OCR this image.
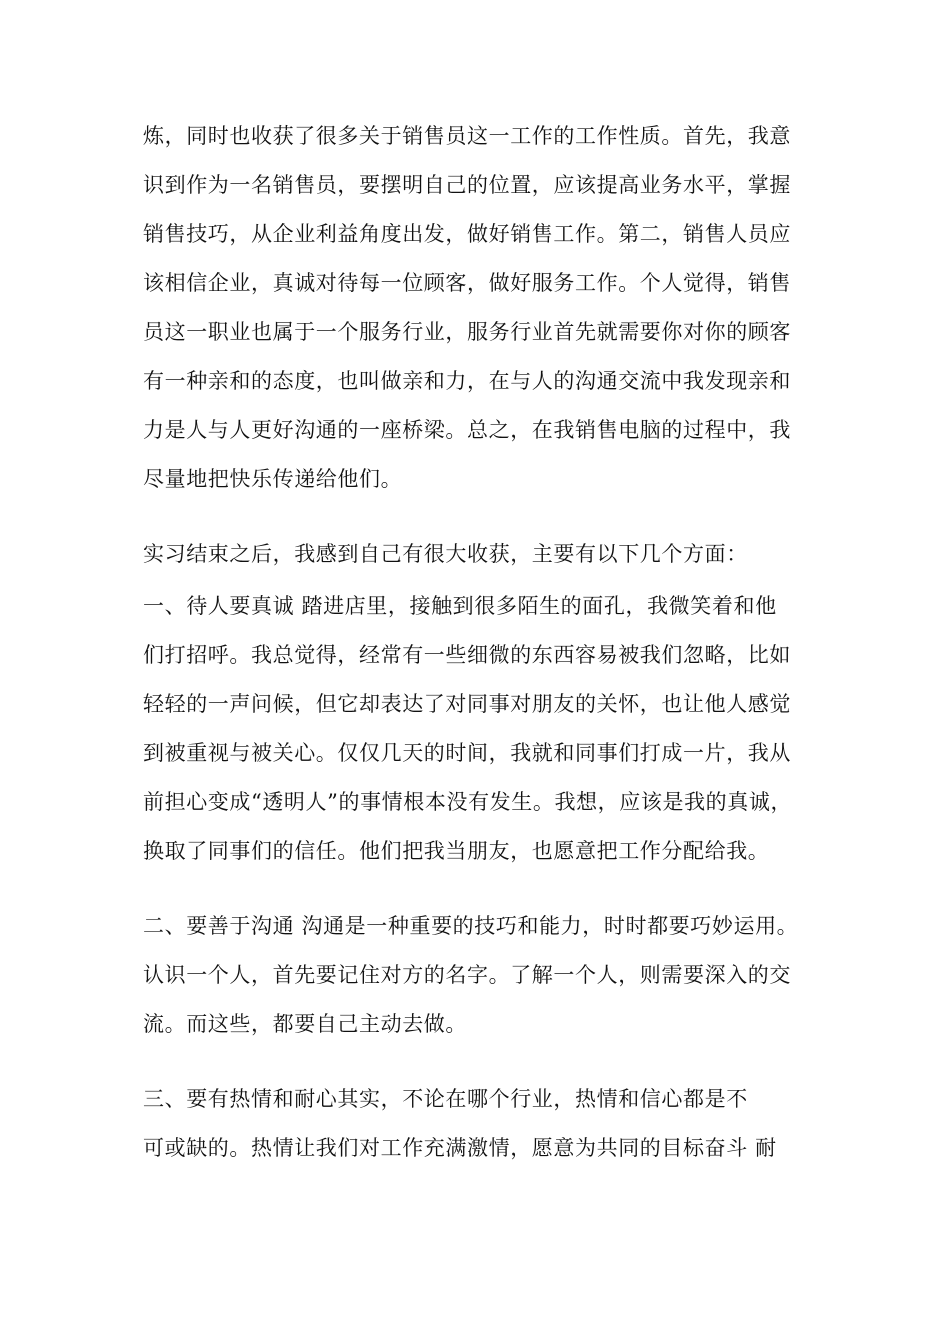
炼，同时也收获了很多关于销售员这一工作的工作性质。首先，我意
识到作为一名销售员，要摆明自己的位置，应该提高业务水平，掌握
销售技巧，从企业利益角度出发，做好销售工作。第二，销售人员应
该相信企业，真诚对待每一位顾客，做好服务工作。个人觉得，销售
员这一职业也属于一个服务行业，服务行业首先就需要你对你的顾客
有一种亲和的态度，也叫做亲和力，在与人的沟通交流中我发现亲和
力是人与人更好沟通的一座桥梁。总之，在我销售电脑的过程中，我
尽量地把快乐传递给他们。
实习结束之后，我感到自己有很大收获，主要有以下几个方面：
一、待人要真诚 踏进店里，接触到很多陌生的面孔，我微笑着和他
们打招呼。我总觉得，经常有一些细微的东西容易被我们忽略，比如
轻轻的一声问候，但它却表达了对同事对朋友的关怀，也让他人感觉
到被重视与被关心。仅仅几天的时间，我就和同事们打成一片，我从
前担心变成“透明人”的事情根本没有发生。我想，应该是我的真诚，
换取了同事们的信任。他们把我当朋友，也愿意把工作分配给我。
二、要善于沟通 沟通是一种重要的技巧和能力，时时都要巧妙运用。
认识一个人，首先要记住对方的名字。了解一个人，则需要深入的交
流。而这些，都要自己主动去做。
三、要有热情和耐心其实，不论在哪个行业，热情和信心都是不
可或缺的。热情让我们对工作充满激情，愿意为共同的目标奋斗 耐
